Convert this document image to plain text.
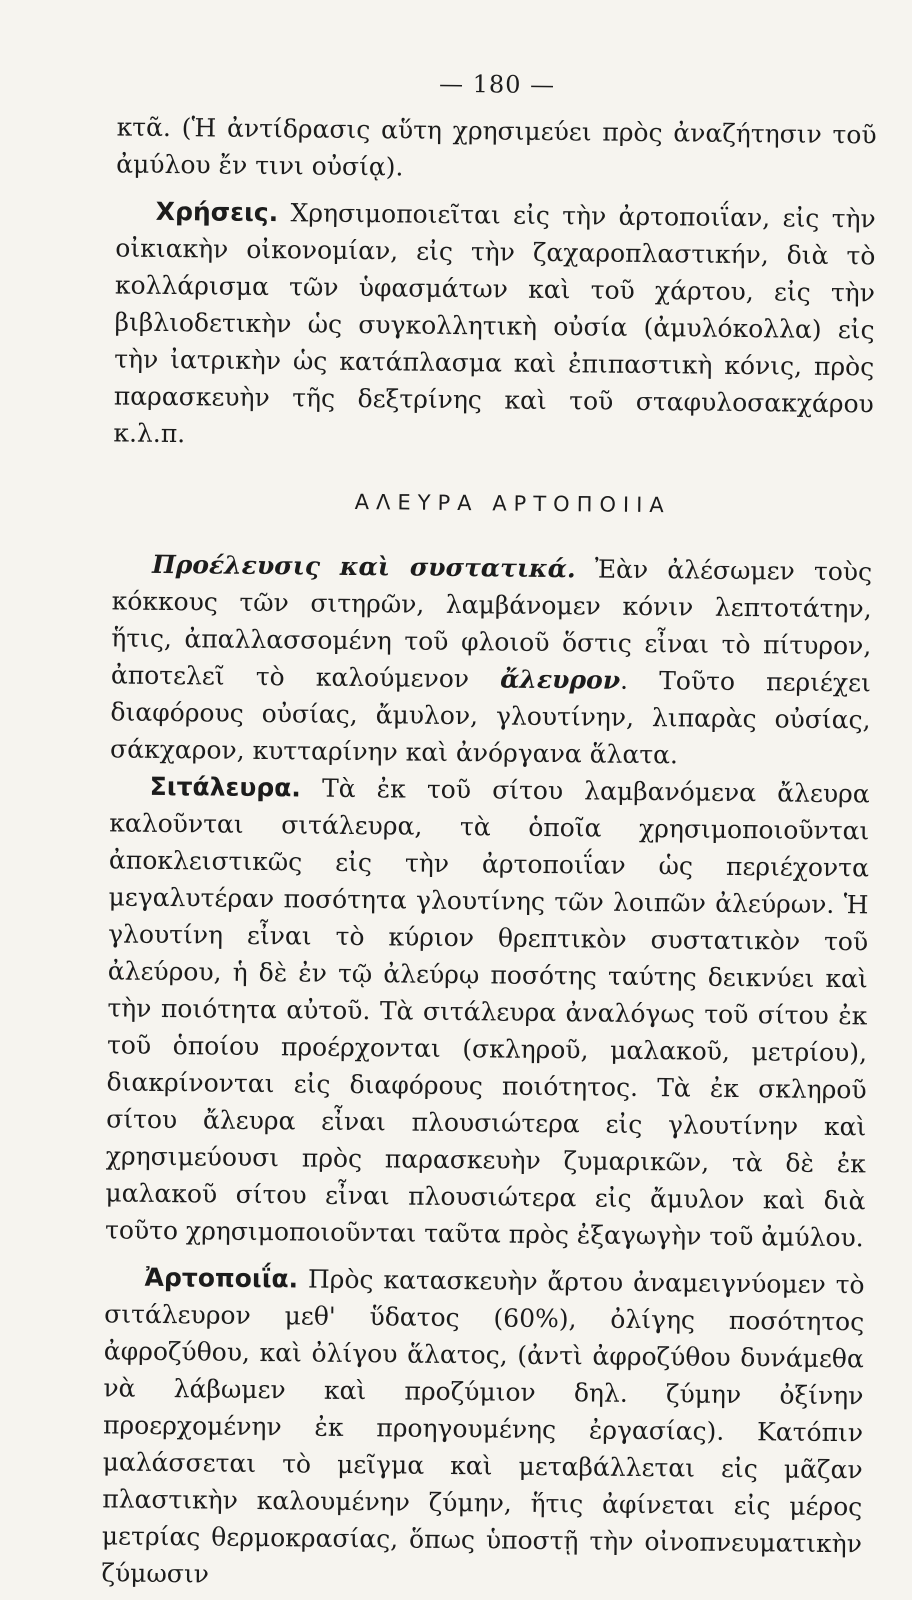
— 180 —

κτᾶ. (Ἡ ἀντίδρασις αὕτη χρησιμεύει πρὸς ἀναζήτησιν τοῦ ἀμύλου ἔν τινι οὐσίᾳ).

Χρήσεις. Χρησιμοποιεῖται εἰς τὴν ἀρτοποιΐαν, εἰς τὴν οἰκιακὴν οἰκονομίαν, εἰς τὴν ζαχαροπλαστικήν, διὰ τὸ κολλάρισμα τῶν ὑφασμάτων καὶ τοῦ χάρτου, εἰς τὴν βιβλιοδετικὴν ὡς συγκολλητικὴ οὐσία (ἀμυλόκολλα) εἰς τὴν ἰατρικὴν ὡς κατάπλασμα καὶ ἐπιπαστικὴ κόνις, πρὸς παρασκευὴν τῆς δεξτρίνης καὶ τοῦ σταφυλοσακχάρου κ.λ.π.

ΑΛΕΥΡΑ ΑΡΤΟΠΟΙΙΑ

Προέλευσις καὶ συστατικά. Ἐὰν ἀλέσωμεν τοὺς κόκκους τῶν σιτηρῶν, λαμβάνομεν κόνιν λεπτοτάτην, ἥτις, ἀπαλλασσομένη τοῦ φλοιοῦ ὅστις εἶναι τὸ πίτυρον, ἀποτελεῖ τὸ καλούμενον ἄλευρον. Τοῦτο περιέχει διαφόρους οὐσίας, ἄμυλον, γλουτίνην, λιπαρὰς οὐσίας, σάκχαρον, κυτταρίνην καὶ ἀνόργανα ἅλατα.

Σιτάλευρα. Τὰ ἐκ τοῦ σίτου λαμβανόμενα ἄλευρα καλοῦνται σιτάλευρα, τὰ ὁποῖα χρησιμοποιοῦνται ἀποκλειστικῶς εἰς τὴν ἀρτοποιΐαν ὡς περιέχοντα μεγαλυτέραν ποσότητα γλουτίνης τῶν λοιπῶν ἀλεύρων. Ἡ γλουτίνη εἶναι τὸ κύριον θρεπτικὸν συστατικὸν τοῦ ἀλεύρου, ἡ δὲ ἐν τῷ ἀλεύρῳ ποσότης ταύτης δεικνύει καὶ τὴν ποιότητα αὐτοῦ. Τὰ σιτάλευρα ἀναλόγως τοῦ σίτου ἐκ τοῦ ὁποίου προέρχονται (σκληροῦ, μαλακοῦ, μετρίου), διακρίνονται εἰς διαφόρους ποιότητος. Τὰ ἐκ σκληροῦ σίτου ἄλευρα εἶναι πλουσιώτερα εἰς γλουτίνην καὶ χρησιμεύουσι πρὸς παρασκευὴν ζυμαρικῶν, τὰ δὲ ἐκ μαλακοῦ σίτου εἶναι πλουσιώτερα εἰς ἄμυλον καὶ διὰ τοῦτο χρησιμοποιοῦνται ταῦτα πρὸς ἐξαγωγὴν τοῦ ἀμύλου.

Ἀρτοποιΐα. Πρὸς κατασκευὴν ἄρτου ἀναμειγνύομεν τὸ σιτάλευρον μεθ' ὕδατος (60%), ὀλίγης ποσότητος ἀφροζύθου, καὶ ὀλίγου ἅλατος, (ἀντὶ ἀφροζύθου δυνάμεθα νὰ λάβωμεν καὶ προζύμιον δηλ. ζύμην ὀξίνην προερχομένην ἐκ προηγουμένης ἐργασίας). Κατόπιν μαλάσσεται τὸ μεῖγμα καὶ μεταβάλλεται εἰς μᾶζαν πλαστικὴν καλουμένην ζύμην, ἥτις ἀφίνεται εἰς μέρος μετρίας θερμοκρασίας, ὅπως ὑποστῇ τὴν οἰνοπνευματικὴν ζύμωσιν
